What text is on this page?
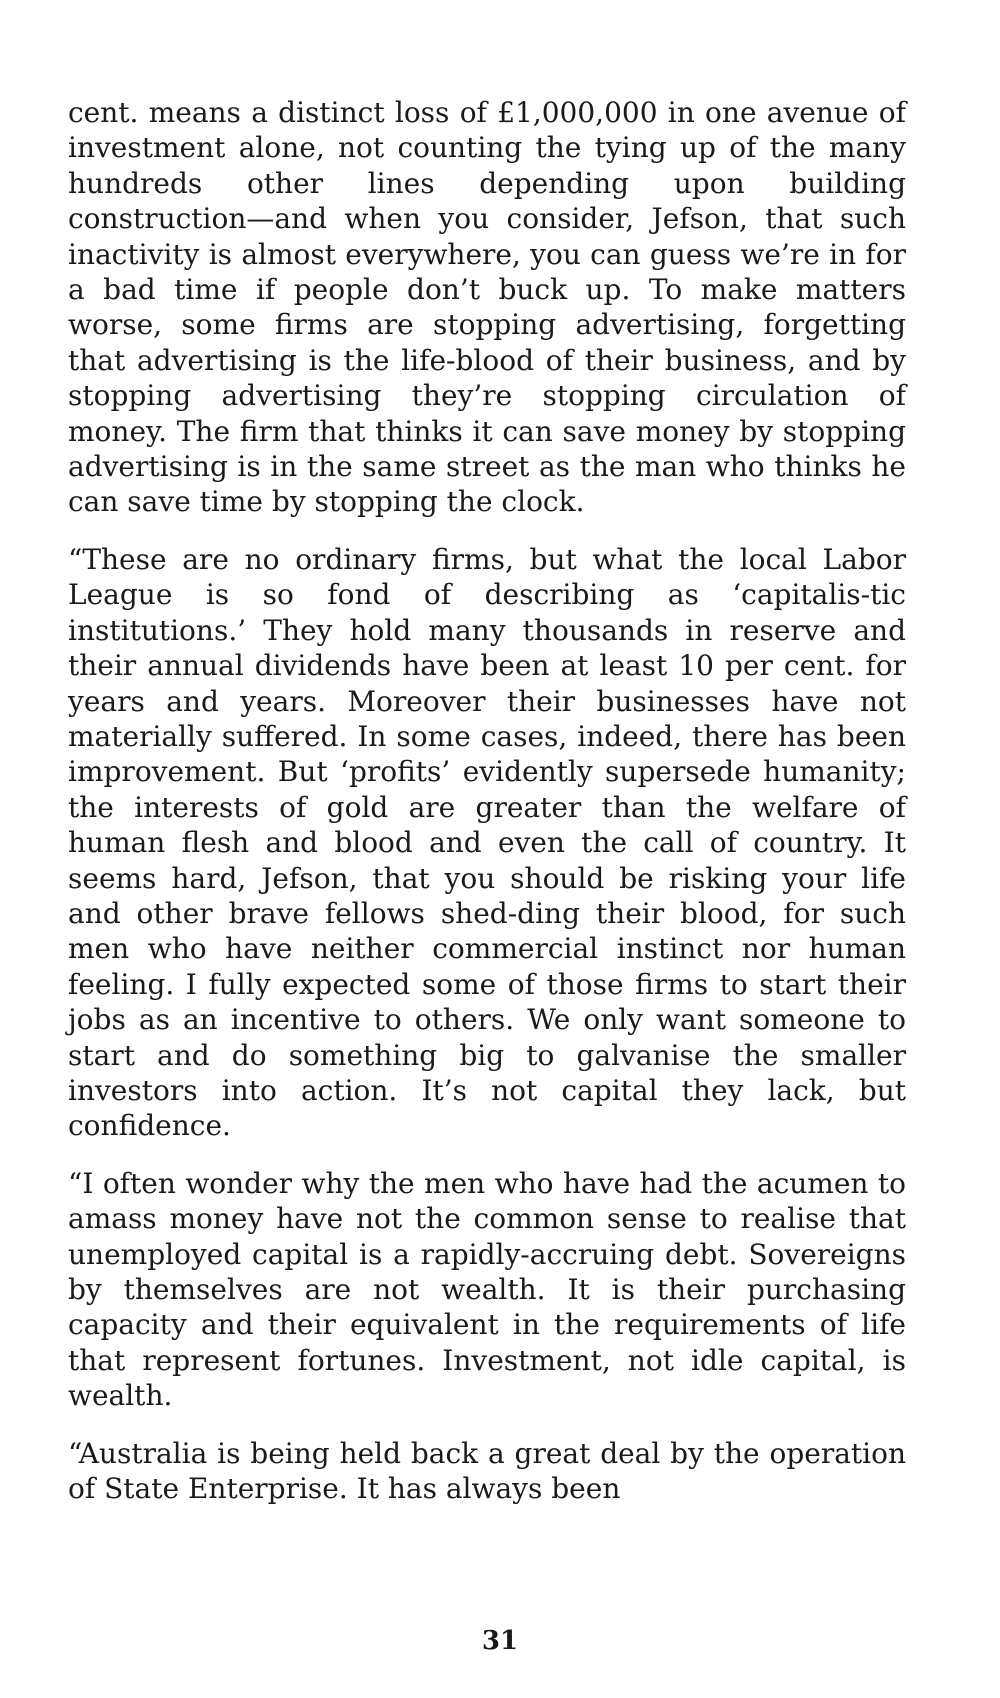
cent. means a distinct loss of £1,000,000 in one avenue of investment alone, not counting the tying up of the many hundreds other lines depending upon building construction—and when you consider, Jefson, that such inactivity is almost everywhere, you can guess we’re in for a bad time if people don’t buck up. To make matters worse, some firms are stopping advertising, forgetting that advertising is the life-blood of their business, and by stopping advertising they’re stopping circulation of money. The firm that thinks it can save money by stopping advertising is in the same street as the man who thinks he can save time by stopping the clock.

“These are no ordinary firms, but what the local Labor League is so fond of describing as ‘capitalis-tic institutions.’ They hold many thousands in reserve and their annual dividends have been at least 10 per cent. for years and years. Moreover their businesses have not materially suffered. In some cases, indeed, there has been improvement. But ‘profits’ evidently supersede humanity; the interests of gold are greater than the welfare of human flesh and blood and even the call of country. It seems hard, Jefson, that you should be risking your life and other brave fellows shed-ding their blood, for such men who have neither commercial instinct nor human feeling. I fully expected some of those firms to start their jobs as an incentive to others. We only want someone to start and do something big to galvanise the smaller investors into action. It’s not capital they lack, but confidence.

“I often wonder why the men who have had the acumen to amass money have not the common sense to realise that unemployed capital is a rapidly-accruing debt. Sovereigns by themselves are not wealth. It is their purchasing capacity and their equivalent in the requirements of life that represent fortunes. Investment, not idle capital, is wealth.

“Australia is being held back a great deal by the operation of State Enterprise. It has always been

31
